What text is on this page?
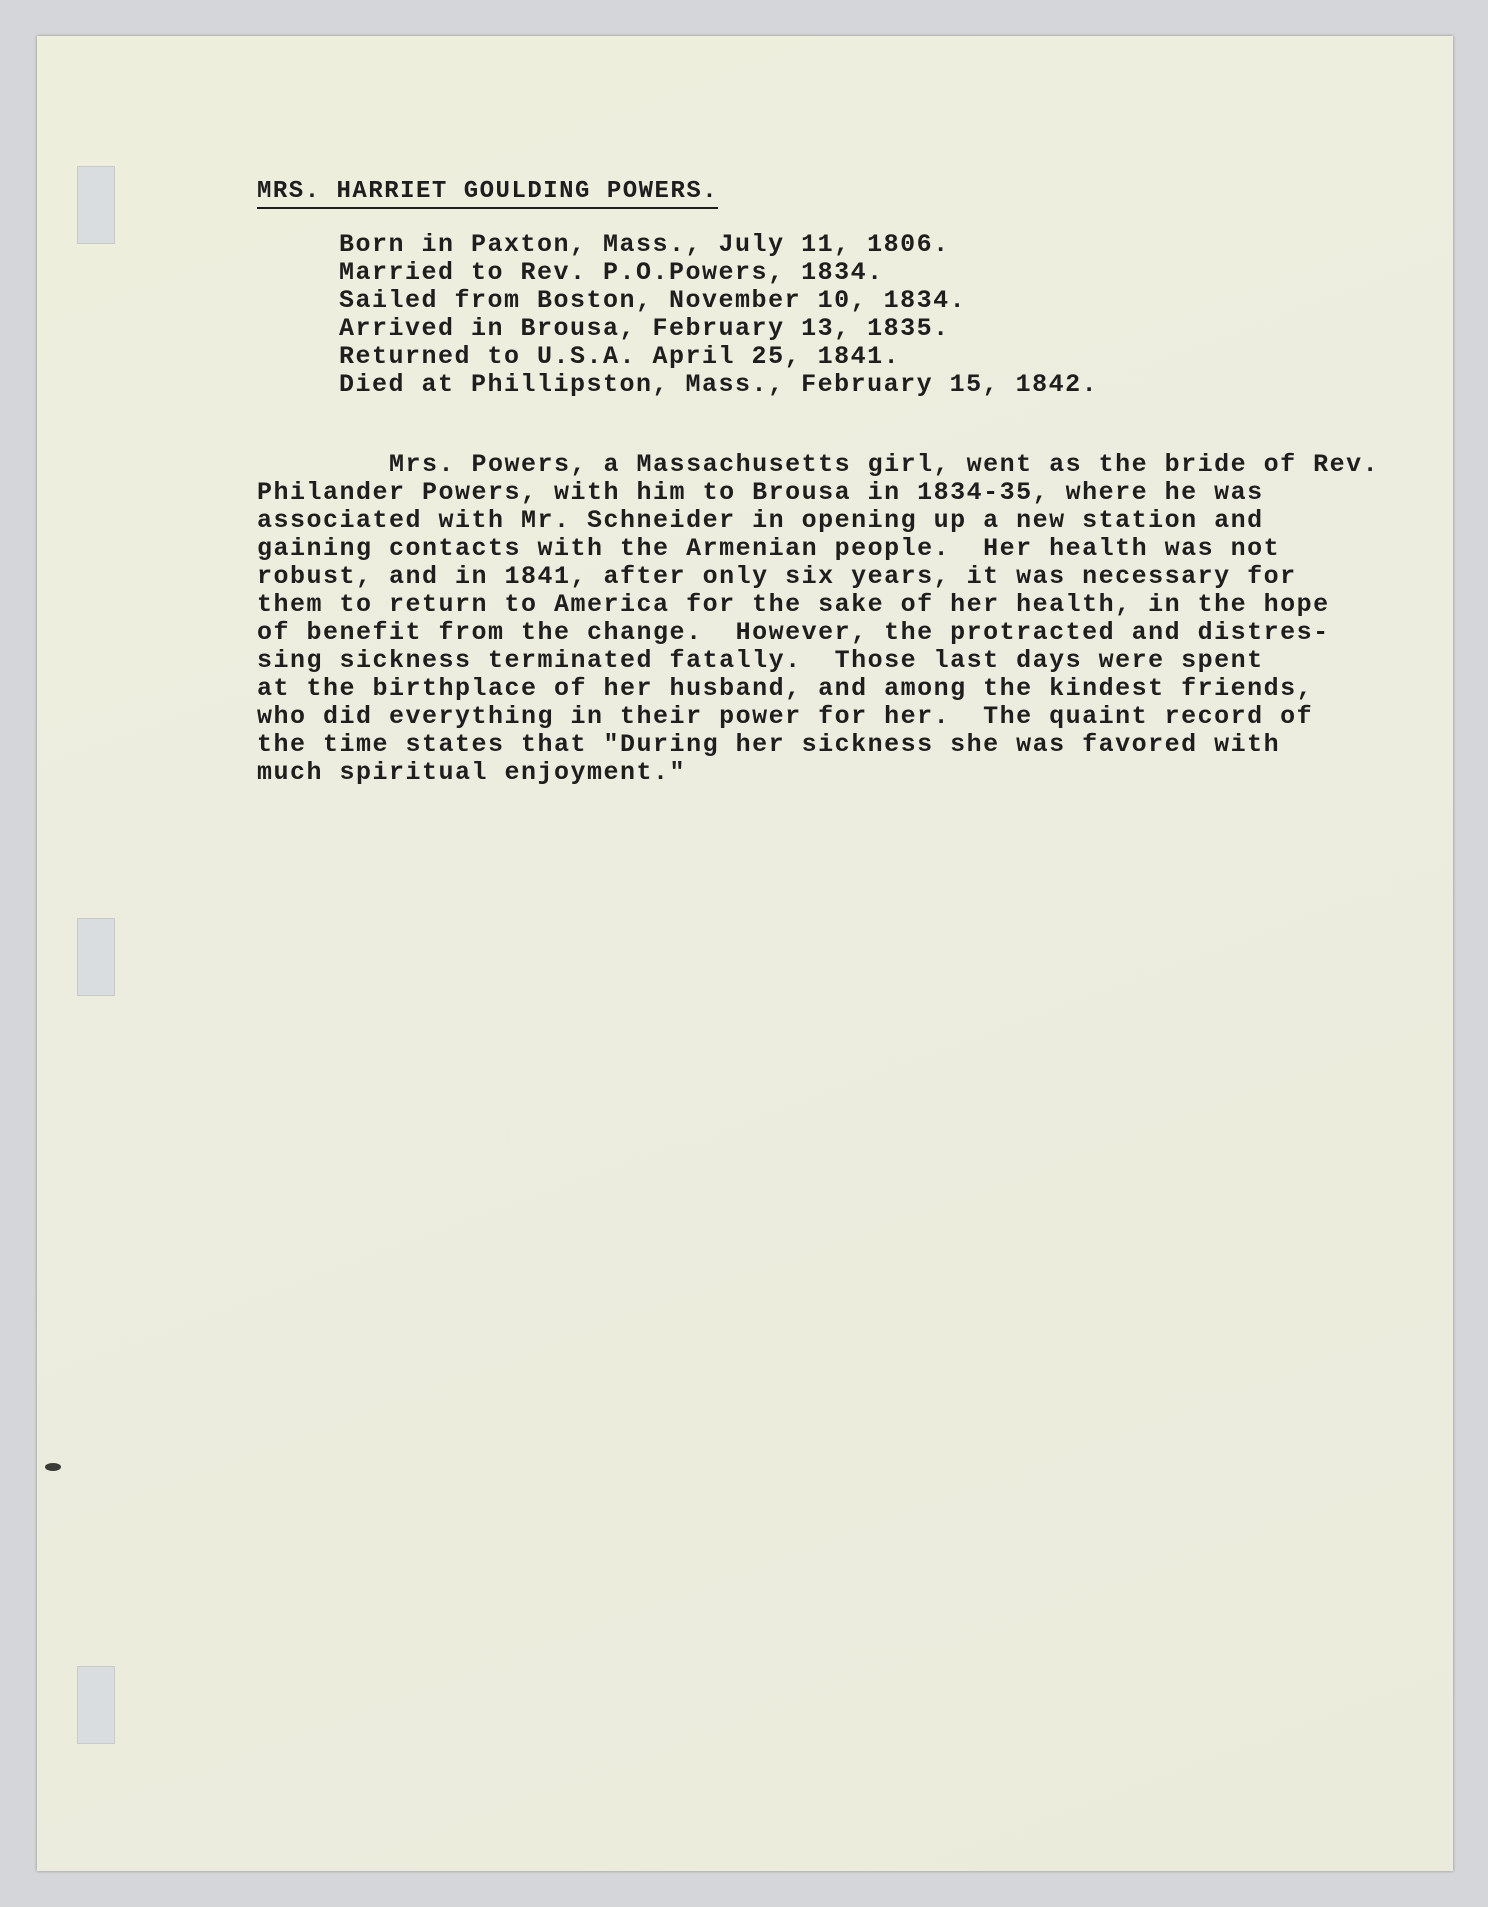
MRS. HARRIET GOULDING POWERS.
Born in Paxton, Mass., July 11, 1806.
Married to Rev. P.O.Powers, 1834.
Sailed from Boston, November 10, 1834.
Arrived in Brousa, February 13, 1835.
Returned to U.S.A. April 25, 1841.
Died at Phillipston, Mass., February 15, 1842.
Mrs. Powers, a Massachusetts girl, went as the bride of Rev.
Philander Powers, with him to Brousa in 1834-35, where he was
associated with Mr. Schneider in opening up a new station and
gaining contacts with the Armenian people.  Her health was not
robust, and in 1841, after only six years, it was necessary for
them to return to America for the sake of her health, in the hope
of benefit from the change.  However, the protracted and distres-
sing sickness terminated fatally.  Those last days were spent
at the birthplace of her husband, and among the kindest friends,
who did everything in their power for her.  The quaint record of
the time states that "During her sickness she was favored with
much spiritual enjoyment."
